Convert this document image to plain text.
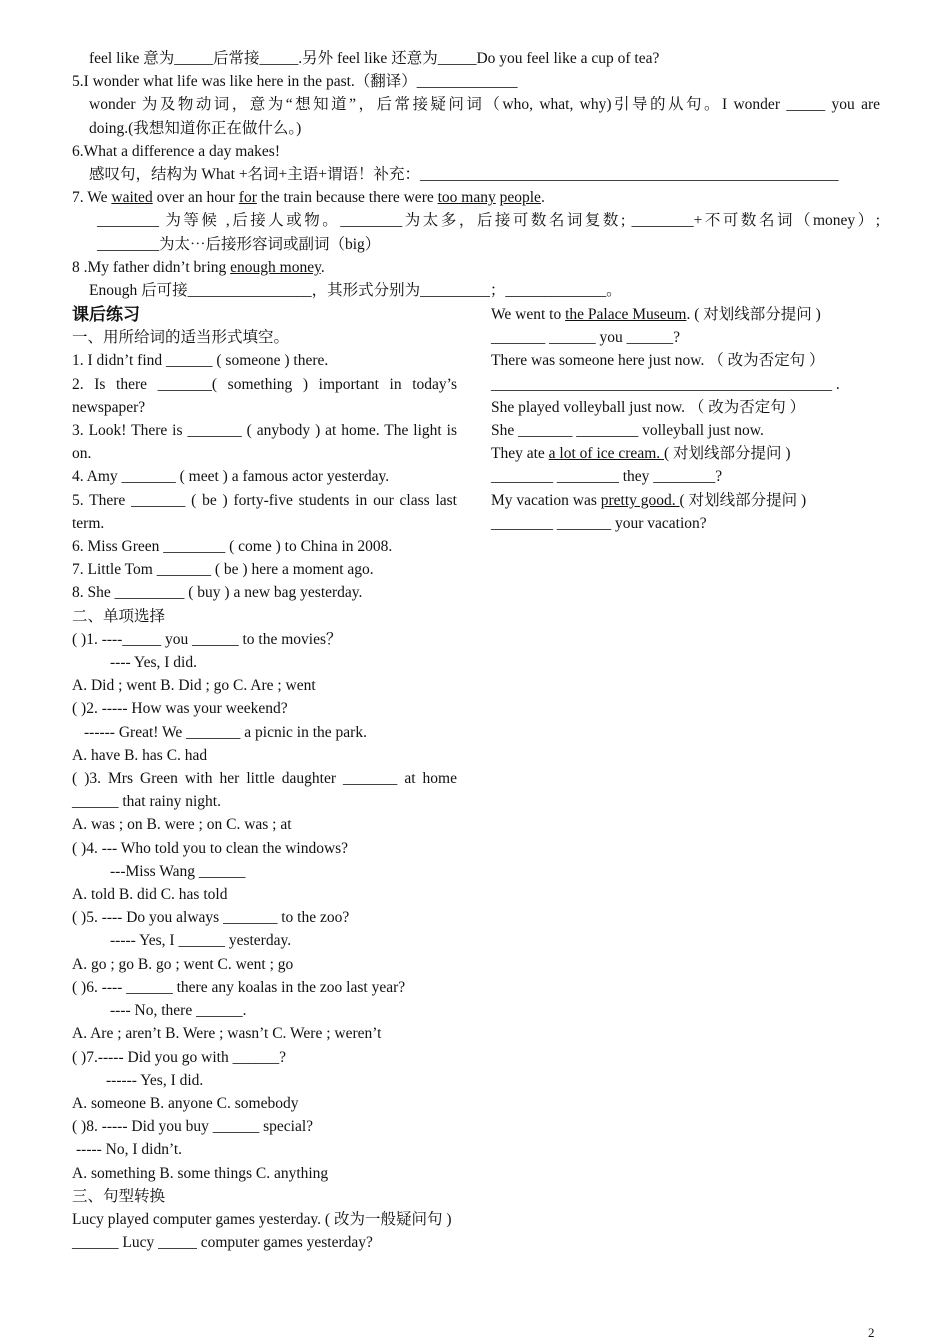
feel like 意为_____后常接_____.另外 feel like 还意为_____Do you feel like a cup of tea?
5.I wonder what life was like here in the past.（翻译）_____________
wonder 为及物动词，意为“想知道”，后常接疑问词（who, what, why)引导的从句。I wonder _____ you are
doing.(我想知道你正在做什么。)
6.What a difference a day makes!
感叹句，结构为 What +名词+主语+谓语！补充：______________________________________________________
7. We waited over an hour for the train because there were too many people.
________ 为等候 ,后接人或物。________为太多，后接可数名词复数; ________+不可数名词（money）;
________为太⋯后接形容词或副词（big）
8 .My father didn’t bring enough money.
Enough 后可接________________，其形式分别为_________；_____________。
课后练习
一、用所给词的适当形式填空。
1. I didn’t find ______ ( someone ) there.
2. Is there _______( something ) important in today’s newspaper?
3. Look! There is _______ ( anybody ) at home. The light is on.
4. Amy _______ ( meet ) a famous actor yesterday.
5. There _______ ( be ) forty-five students in our class last term.
6. Miss Green ________ ( come ) to China in 2008.
7. Little Tom _______ ( be ) here a moment ago.
8. She _________ ( buy ) a new bag yesterday.
二、单项选择
( )1. ----_____ you ______ to the movies？
---- Yes, I did.
A. Did ; went B. Did ; go C. Are ; went
( )2. ----- How was your weekend?
------ Great! We _______ a picnic in the park.
A. have B. has C. had
( )3. Mrs Green with her little daughter _______ at home ______ that rainy night.
A. was ; on B. were ; on C. was ; at
( )4. --- Who told you to clean the windows?
---Miss Wang ______
A. told B. did C. has told
( )5. ---- Do you always _______ to the zoo?
----- Yes, I ______ yesterday.
A. go ; go B. go ; went C. went ; go
( )6. ---- ______ there any koalas in the zoo last year?
---- No, there ______.
A. Are ; aren’t B. Were ; wasn’t C. Were ; weren’t
( )7.----- Did you go with ______?
------ Yes, I did.
A. someone B. anyone C. somebody
( )8. ----- Did you buy ______ special?
----- No, I didn’t.
A. something B. some things C. anything
三、句型转换
Lucy played computer games yesterday. ( 改为一般疑问句 )
______ Lucy _____ computer games yesterday?
We went to the Palace Museum. ( 对划线部分提问 )
_______ ______ you ______?
There was someone here just now. （ 改为否定句 ）
____________________________________________ .
She played volleyball just now. （ 改为否定句 ）
She _______ ________ volleyball just now.
They ate a lot of ice cream. ( 对划线部分提问 )
________ ________ they ________?
My vacation was pretty good. ( 对划线部分提问 )
________ _______ your vacation?
2
